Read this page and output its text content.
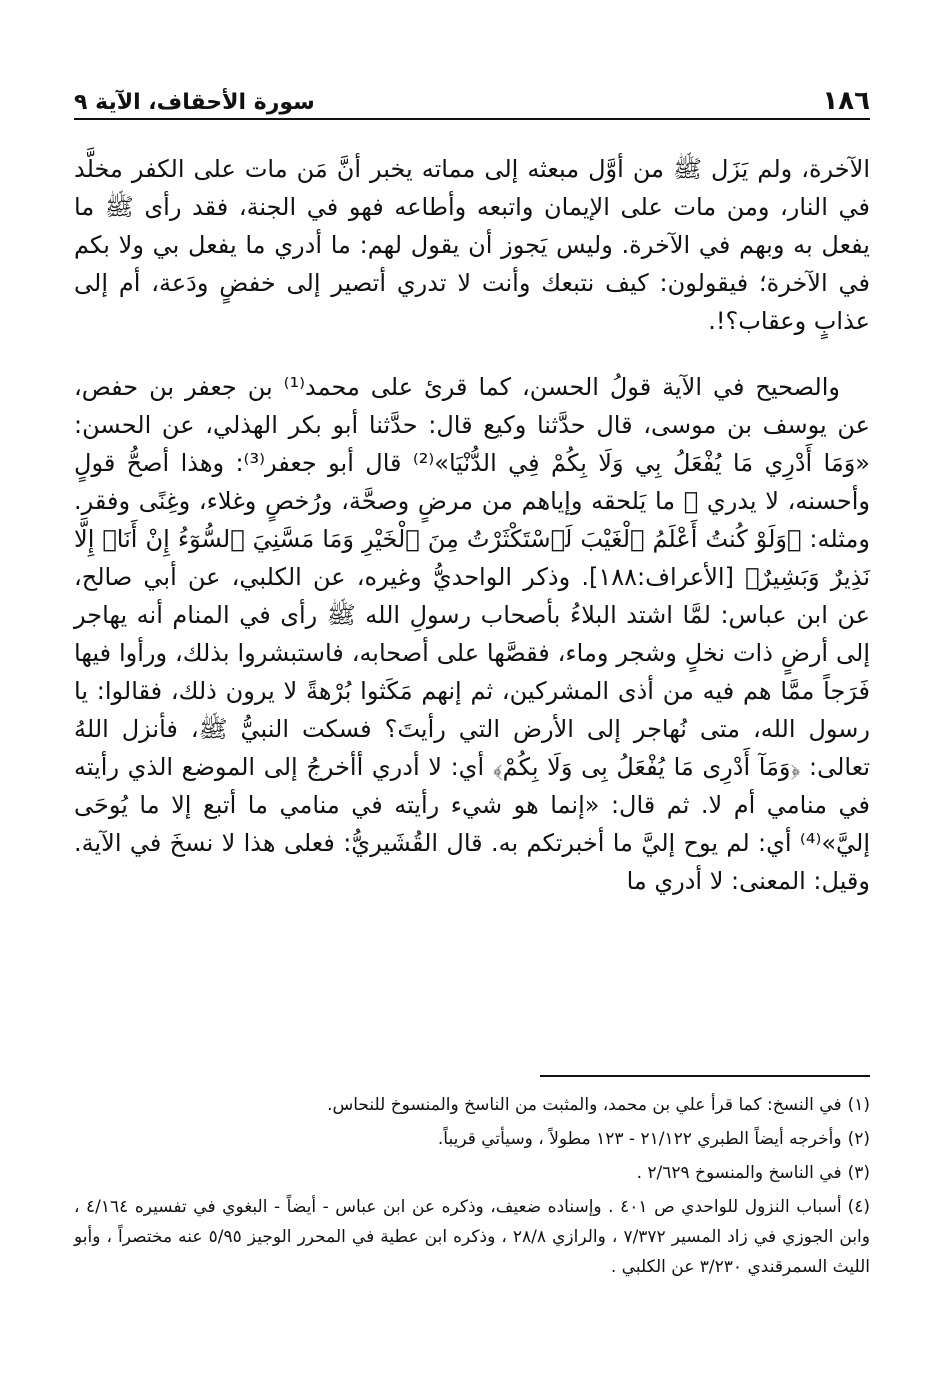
١٨٦
سورة الأحقاف، الآية ٩

الآخرة، ولم يَزَل ﷺ من أوَّل مبعثه إلى مماته يخبر أنَّ مَن مات على الكفر مخلَّد في النار، ومن مات على الإيمان واتبعه وأطاعه فهو في الجنة، فقد رأى ﷺ ما يفعل به وبهم في الآخرة. وليس يَجوز أن يقول لهم: ما أدري ما يفعل بي ولا بكم في الآخرة؛ فيقولون: كيف نتبعك وأنت لا تدري أتصير إلى خفضٍ ودَعة، أم إلى عذابٍ وعقاب؟!.

والصحيح في الآية قولُ الحسن، كما قرئ على محمد⁽¹⁾ بن جعفر بن حفص، عن يوسف بن موسى، قال حدَّثنا وكيع قال: حدَّثنا أبو بكر الهذلي، عن الحسن: «وَمَا أَدْرِي مَا يُفْعَلُ بِي وَلَا بِكُمْ فِي الدُّنْيَا»⁽²⁾ قال أبو جعفر⁽³⁾: وهذا أصحُّ قولٍ وأحسنه، لا يدري ﷺ ما يَلحقه وإياهم من مرضٍ وصحَّة، ورُخصٍ وغلاء، وغِنًى وفقر. ومثله: ﴿وَلَوْ كُنتُ أَعْلَمُ ٱلْغَيْبَ لَٱسْتَكْثَرْتُ مِنَ ٱلْخَيْرِ وَمَا مَسَّنِيَ ٱلسُّوٓءُ إِنْ أَنَا۠ إِلَّا نَذِيرٌ وَبَشِيرٌ﴾ [الأعراف:١٨٨]. وذكر الواحديُّ وغيره، عن الكلبي، عن أبي صالح، عن ابن عباس: لمَّا اشتد البلاءُ بأصحاب رسولِ الله ﷺ رأى في المنام أنه يهاجر إلى أرضٍ ذات نخلٍ وشجر وماء، فقصَّها على أصحابه، فاستبشروا بذلك، ورأوا فيها فَرَجاً ممَّا هم فيه من أذى المشركين، ثم إنهم مَكَثوا بُرْهةً لا يرون ذلك، فقالوا: يا رسول الله، متى نُهاجر إلى الأرض التي رأيتَ؟ فسكت النبيُّ ﷺ، فأنزل اللهُ تعالى: ﴿وَمَآ أَدْرِى مَا يُفْعَلُ بِى وَلَا بِكُمْ﴾ أي: لا أدري أأخرجُ إلى الموضع الذي رأيته في منامي أم لا. ثم قال: «إنما هو شيء رأيته في منامي ما أتبع إلا ما يُوحَى إليَّ»⁽⁴⁾ أي: لم يوح إليَّ ما أخبرتكم به. قال القُشَيريُّ: فعلى هذا لا نسخَ في الآية. وقيل: المعنى: لا أدري ما

(١)في النسخ: كما قرأ علي بن محمد، والمثبت من الناسخ والمنسوخ للنحاس.

(٢)وأخرجه أيضاً الطبري ٢١/١٢٢ - ١٢٣ مطولاً ، وسيأتي قريباً.

(٣)في الناسخ والمنسوخ ٢/٦٢٩ .

(٤)أسباب النزول للواحدي ص ٤٠١ . وإسناده ضعيف، وذكره عن ابن عباس - أيضاً - البغوي في تفسيره ٤/١٦٤ ، وابن الجوزي في زاد المسير ٧/٣٧٢ ، والرازي ٢٨/٨ ، وذكره ابن عطية في المحرر الوجيز ٥/٩٥ عنه مختصراً ، وأبو الليث السمرقندي ٣/٢٣٠ عن الكلبي .
